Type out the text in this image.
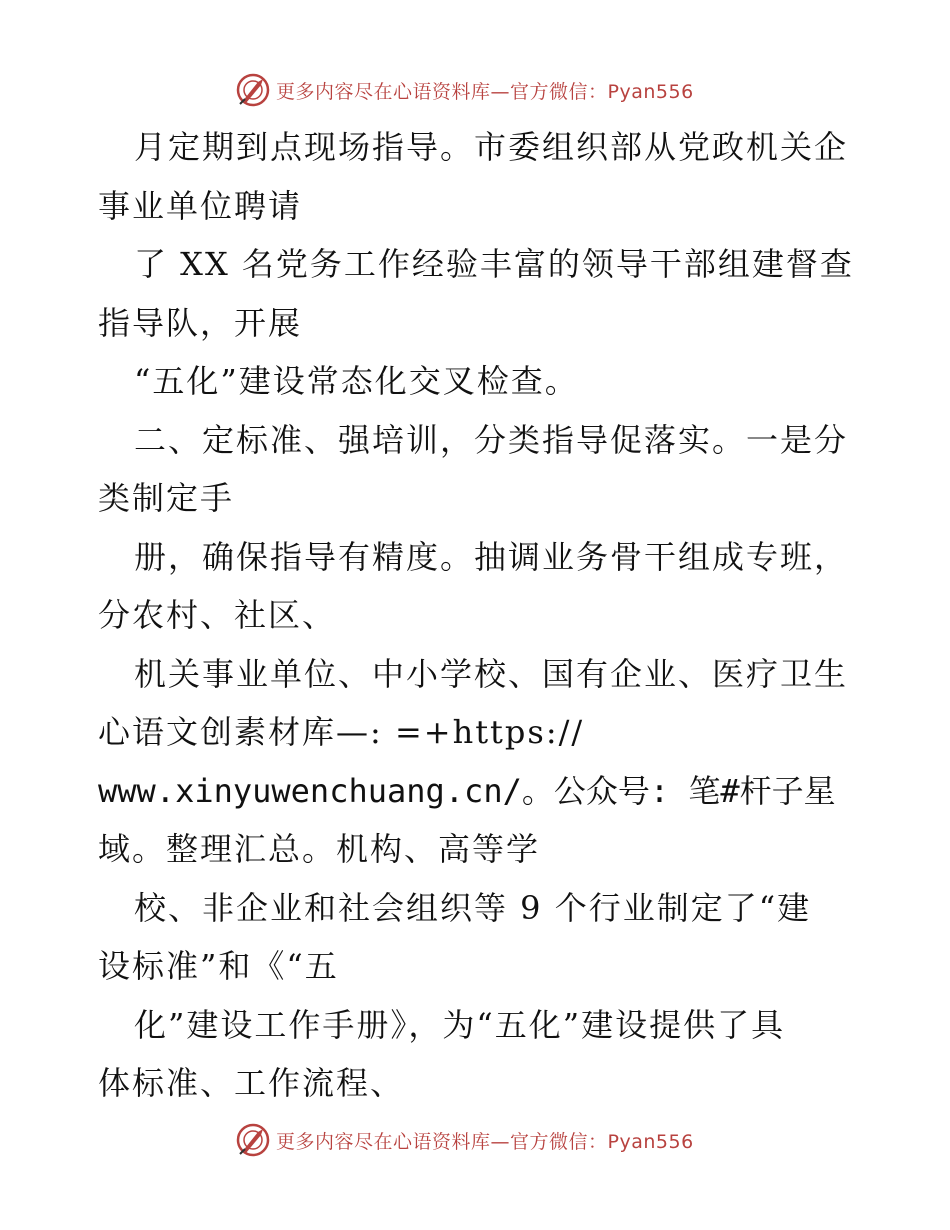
更多内容尽在心语资料库—官方微信：Pyan556
月定期到点现场指导。市委组织部从党政机关企
事业单位聘请
了 XX 名党务工作经验丰富的领导干部组建督查
指导队，开展
“五化”建设常态化交叉检查。
二、定标准、强培训，分类指导促落实。一是分
类制定手
册，确保指导有精度。抽调业务骨干组成专班，
分农村、社区、
机关事业单位、中小学校、国有企业、医疗卫生
心语文创素材库—: =+https://
www.xinyuwenchuang.cn/。公众号: 笔#杆子星
域。整理汇总。机构、高等学
校、非企业和社会组织等 9 个行业制定了“建
设标准”和《“五
化”建设工作手册》，为“五化”建设提供了具
体标准、工作流程、
更多内容尽在心语资料库—官方微信：Pyan556
